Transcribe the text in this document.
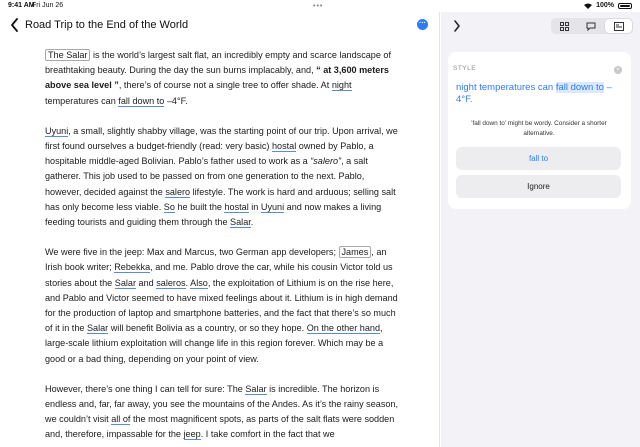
9:41 AM
Fri Jun 26	•••	100%
Road Trip to the End of the World	···

The Salar is the world’s largest salt flat, an incredibly empty and scarce landscape of breathtaking beauty. During the day the sun burns implacably, and, “ at 3,600 meters above sea level ”, there’s of course not a single tree to offer shade. At night temperatures can fall down to –4°F.

Uyuni, a small, slightly shabby village, was the starting point of our trip. Upon arrival, we first found ourselves a budget-friendly (read: very basic) hostal owned by Pablo, a hospitable middle-aged Bolivian. Pablo’s father used to work as a “salero”, a salt gatherer. This job used to be passed on from one generation to the next. Pablo, however, decided against the salero lifestyle. The work is hard and arduous; selling salt has only become less viable. So he built the hostal in Uyuni and now makes a living feeding tourists and guiding them through the Salar.

We were five in the jeep: Max and Marcus, two German app developers; James , an Irish book writer; Rebekka, and me. Pablo drove the car, while his cousin Victor told us stories about the Salar and saleros. Also, the exploitation of Lithium is on the rise here, and Pablo and Victor seemed to have mixed feelings about it. Lithium is in high demand for the production of laptop and smartphone batteries, and the fact that there’s so much of it in the Salar will benefit Bolivia as a country, or so they hope. On the other hand, large-scale lithium exploitation will change life in this region forever. Which may be a good or a bad thing, depending on your point of view.

However, there’s one thing I can tell for sure: The Salar is incredible. The horizon is endless and, far, far away, you see the mountains of the Andes. As it’s the rainy season, we couldn’t visit all of the most magnificent spots, as parts of the salt flats were sodden and, therefore, impassable for the jeep. I take comfort in the fact that we

STYLE	×
night temperatures can fall down to –4°F.
'fall down to' might be wordy. Consider a shorter alternative.
fall to
Ignore
